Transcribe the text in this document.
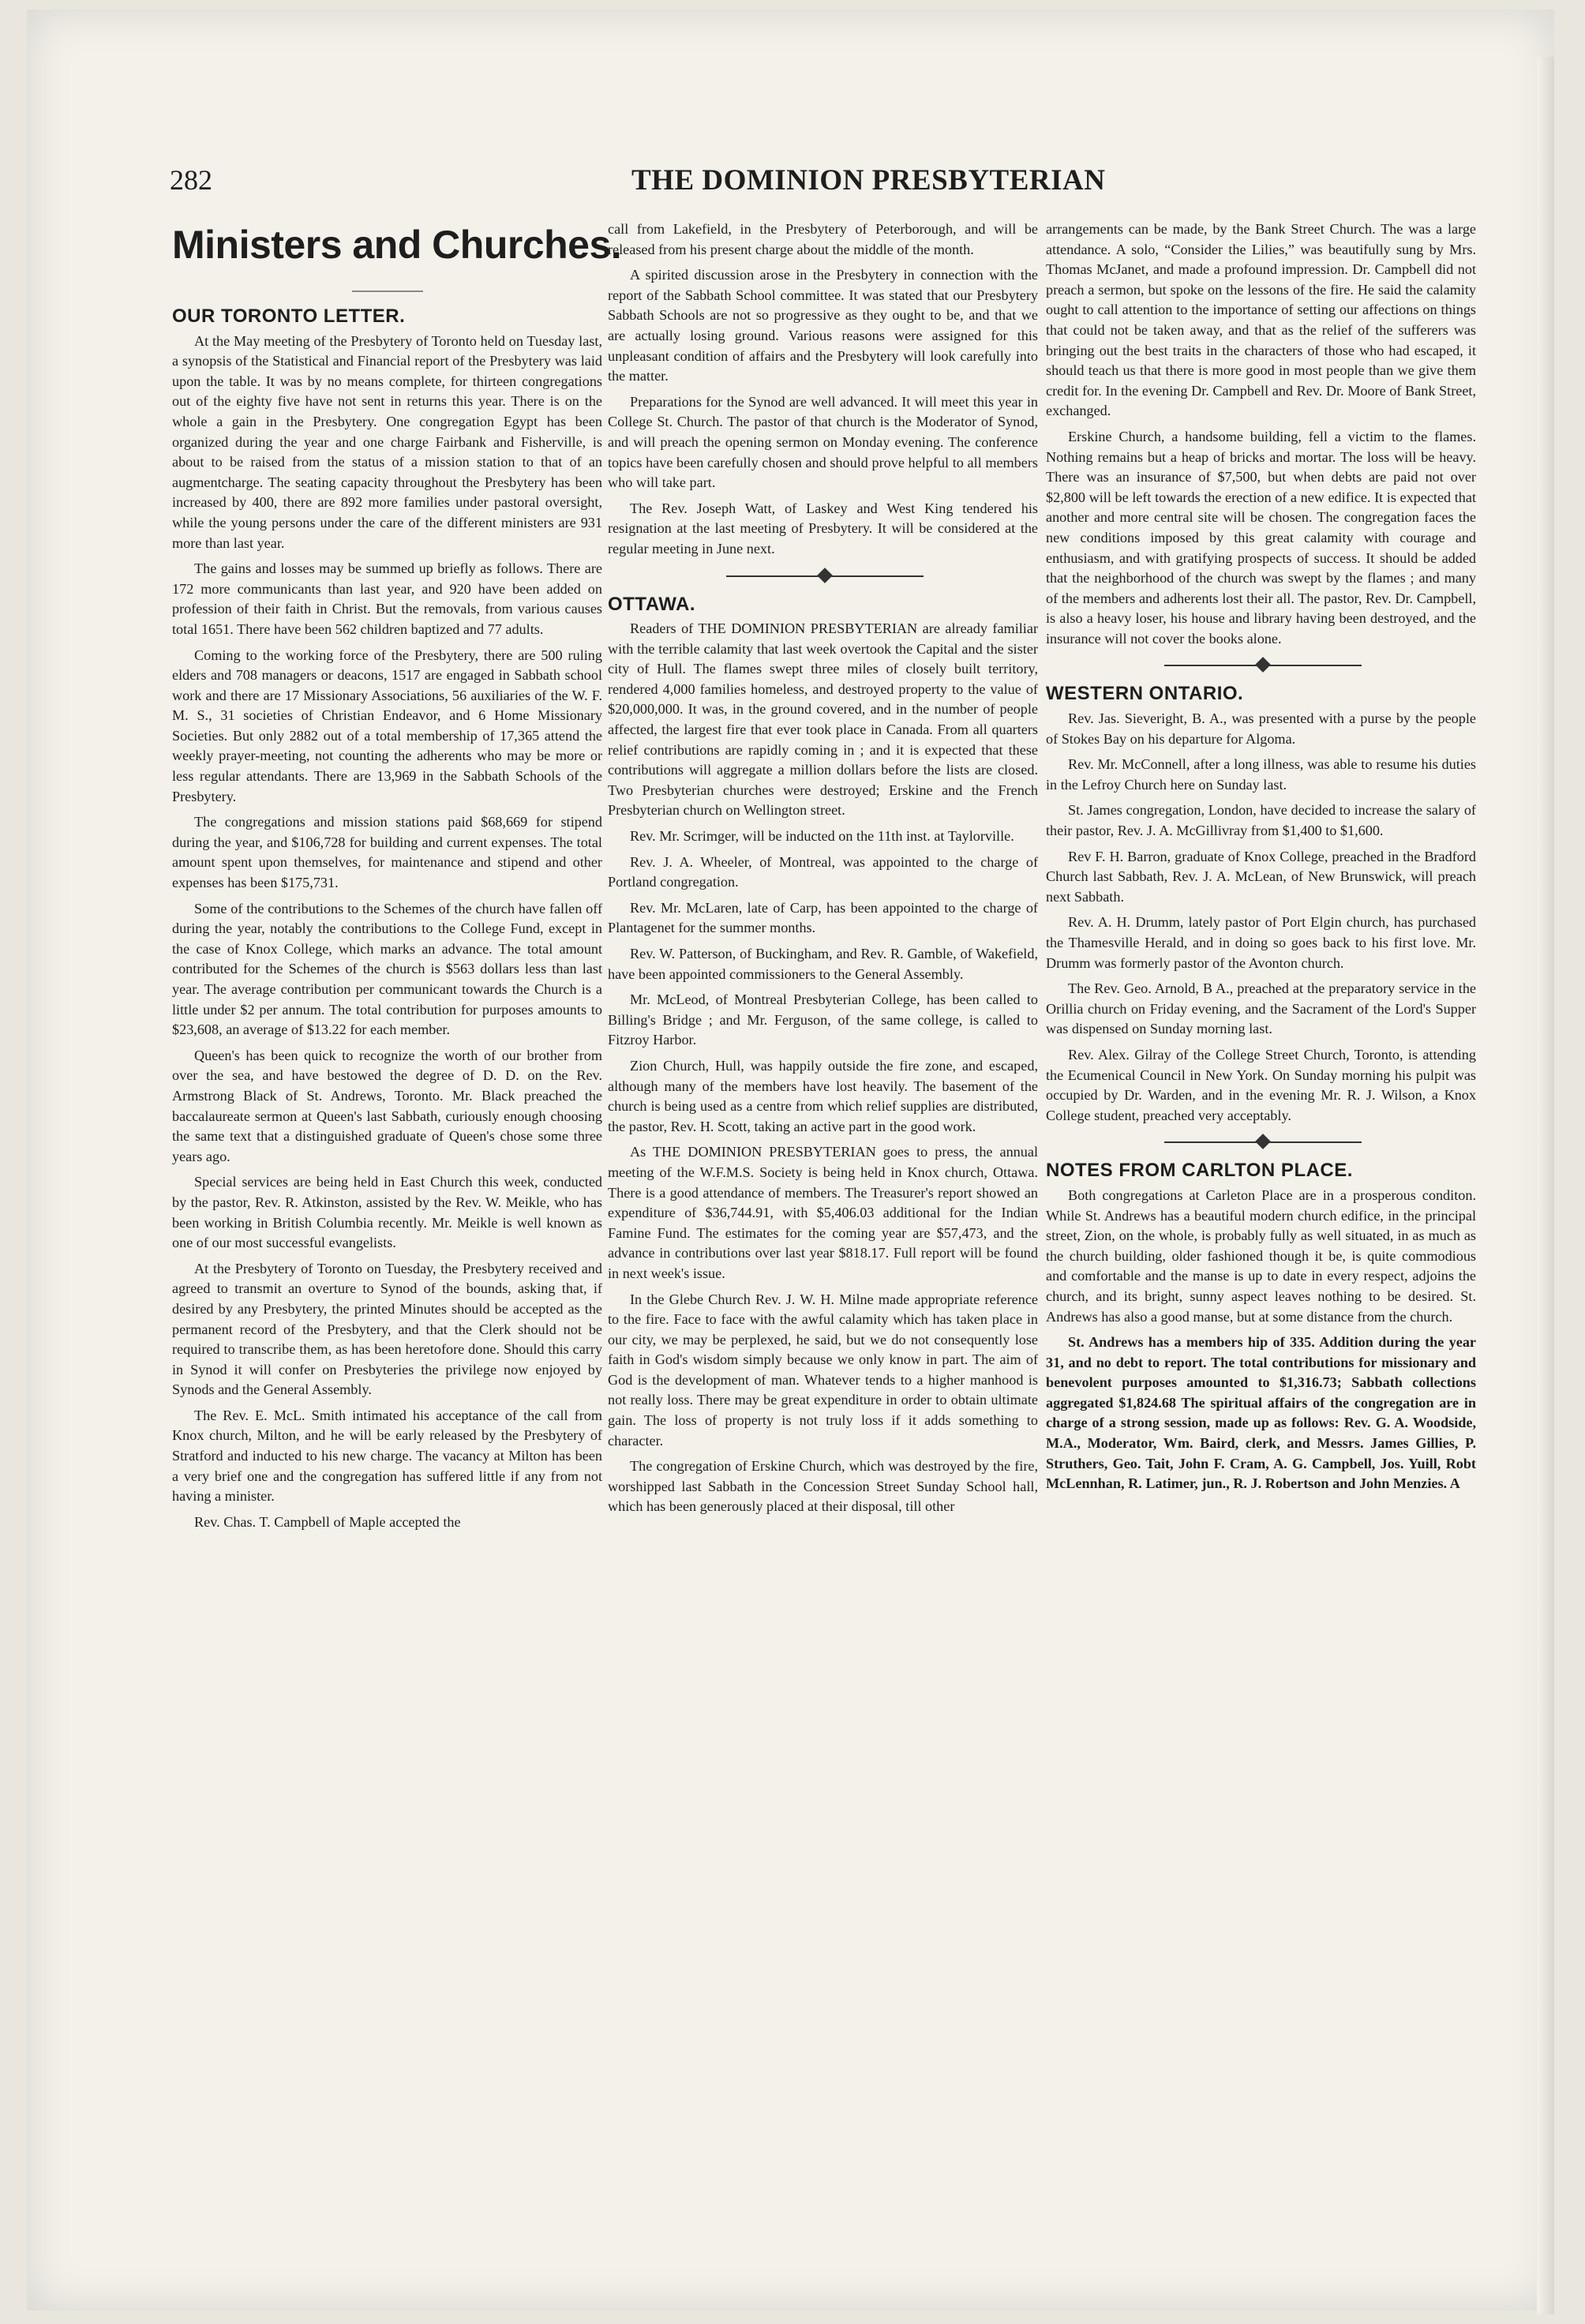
282	THE DOMINION PRESBYTERIAN
Ministers and Churches.
OUR TORONTO LETTER.

At the May meeting of the Presbytery of Toronto held on Tuesday last, a synopsis of the Statistical and Financial report of the Presbytery was laid upon the table. It was by no means complete, for thirteen congregations out of the eighty five have not sent in returns this year. There is on the whole a gain in the Presbytery. One congregation Egypt has been organized during the year and one charge Fairbank and Fisherville, is about to be raised from the status of a mission station to that of an augmentcharge. The seating capacity throughout the Presbytery has been increased by 400, there are 892 more families under pastoral oversight, while the young persons under the care of the different ministers are 931 more than last year.

The gains and losses may be summed up briefly as follows. There are 172 more communicants than last year, and 920 have been added on profession of their faith in Christ. But the removals, from various causes total 1651. There have been 562 children baptized and 77 adults.

Coming to the working force of the Presbytery, there are 500 ruling elders and 708 managers or deacons, 1517 are engaged in Sabbath school work and there are 17 Missionary Associations, 56 auxiliaries of the W. F. M. S., 31 societies of Christian Endeavor, and 6 Home Missionary Societies. But only 2882 out of a total membership of 17,365 attend the weekly prayer-meeting, not counting the adherents who may be more or less regular attendants. There are 13,969 in the Sabbath Schools of the Presbytery.

The congregations and mission stations paid $68,669 for stipend during the year, and $106,728 for building and current expenses. The total amount spent upon themselves, for maintenance and stipend and other expenses has been $175,731.

Some of the contributions to the Schemes of the church have fallen off during the year, notably the contributions to the College Fund, except in the case of Knox College, which marks an advance. The total amount contributed for the Schemes of the church is $563 dollars less than last year. The average contribution per communicant towards the Church is a little under $2 per annum. The total contribution for purposes amounts to $23,608, an average of $13.22 for each member.

Queen's has been quick to recognize the worth of our brother from over the sea, and have bestowed the degree of D. D. on the Rev. Armstrong Black of St. Andrews, Toronto. Mr. Black preached the baccalaureate sermon at Queen's last Sabbath, curiously enough choosing the same text that a distinguished graduate of Queen's chose some three years ago.

Special services are being held in East Church this week, conducted by the pastor, Rev. R. Atkinston, assisted by the Rev. W. Meikle, who has been working in British Columbia recently. Mr. Meikle is well known as one of our most successful evangelists.

At the Presbytery of Toronto on Tuesday, the Presbytery received and agreed to transmit an overture to Synod of the bounds, asking that, if desired by any Presbytery, the printed Minutes should be accepted as the permanent record of the Presbytery, and that the Clerk should not be required to transcribe them, as has been heretofore done. Should this carry in Synod it will confer on Presbyteries the privilege now enjoyed by Synods and the General Assembly.

The Rev. E. McL. Smith intimated his acceptance of the call from Knox church, Milton, and he will be early released by the Presbytery of Stratford and inducted to his new charge. The vacancy at Milton has been a very brief one and the congregation has suffered little if any from not having a minister.

Rev. Chas. T. Campbell of Maple accepted the

call from Lakefield, in the Presbytery of Peterborough, and will be released from his present charge about the middle of the month.

A spirited discussion arose in the Presbytery in connection with the report of the Sabbath School committee. It was stated that our Presbytery Sabbath Schools are not so progressive as they ought to be, and that we are actually losing ground. Various reasons were assigned for this unpleasant condition of affairs and the Presbytery will look carefully into the matter.

Preparations for the Synod are well advanced. It will meet this year in College St. Church. The pastor of that church is the Moderator of Synod, and will preach the opening sermon on Monday evening. The conference topics have been carefully chosen and should prove helpful to all members who will take part.

The Rev. Joseph Watt, of Laskey and West King tendered his resignation at the last meeting of Presbytery. It will be considered at the regular meeting in June next.

OTTAWA.

Readers of THE DOMINION PRESBYTERIAN are already familiar with the terrible calamity that last week overtook the Capital and the sister city of Hull. The flames swept three miles of closely built territory, rendered 4,000 families homeless, and destroyed property to the value of $20,000,000. It was, in the ground covered, and in the number of people affected, the largest fire that ever took place in Canada. From all quarters relief contributions are rapidly coming in ; and it is expected that these contributions will aggregate a million dollars before the lists are closed. Two Presbyterian churches were destroyed; Erskine and the French Presbyterian church on Wellington street.

Rev. Mr. Scrimger, will be inducted on the 11th inst. at Taylorville.

Rev. J. A. Wheeler, of Montreal, was appointed to the charge of Portland congregation.

Rev. Mr. McLaren, late of Carp, has been appointed to the charge of Plantagenet for the summer months.

Rev. W. Patterson, of Buckingham, and Rev. R. Gamble, of Wakefield, have been appointed commissioners to the General Assembly.

Mr. McLeod, of Montreal Presbyterian College, has been called to Billing's Bridge ; and Mr. Ferguson, of the same college, is called to Fitzroy Harbor.

Zion Church, Hull, was happily outside the fire zone, and escaped, although many of the members have lost heavily. The basement of the church is being used as a centre from which relief supplies are distributed, the pastor, Rev. H. Scott, taking an active part in the good work.

As THE DOMINION PRESBYTERIAN goes to press, the annual meeting of the W.F.M.S. Society is being held in Knox church, Ottawa. There is a good attendance of members. The Treasurer's report showed an expenditure of $36,744.91, with $5,406.03 additional for the Indian Famine Fund. The estimates for the coming year are $57,473, and the advance in contributions over last year $818.17. Full report will be found in next week's issue.

In the Glebe Church Rev. J. W. H. Milne made appropriate reference to the fire. Face to face with the awful calamity which has taken place in our city, we may be perplexed, he said, but we do not consequently lose faith in God's wisdom simply because we only know in part. The aim of God is the development of man. Whatever tends to a higher manhood is not really loss. There may be great expenditure in order to obtain ultimate gain. The loss of property is not truly loss if it adds something to character.

The congregation of Erskine Church, which was destroyed by the fire, worshipped last Sabbath in the Concession Street Sunday School hall, which has been generously placed at their disposal, till other

arrangements can be made, by the Bank Street Church. The was a large attendance. A solo, “Consider the Lilies,” was beautifully sung by Mrs. Thomas McJanet, and made a profound impression. Dr. Campbell did not preach a sermon, but spoke on the lessons of the fire. He said the calamity ought to call attention to the importance of setting our affections on things that could not be taken away, and that as the relief of the sufferers was bringing out the best traits in the characters of those who had escaped, it should teach us that there is more good in most people than we give them credit for. In the evening Dr. Campbell and Rev. Dr. Moore of Bank Street, exchanged.

Erskine Church, a handsome building, fell a victim to the flames. Nothing remains but a heap of bricks and mortar. The loss will be heavy. There was an insurance of $7,500, but when debts are paid not over $2,800 will be left towards the erection of a new edifice. It is expected that another and more central site will be chosen. The congregation faces the new conditions imposed by this great calamity with courage and enthusiasm, and with gratifying prospects of success. It should be added that the neighborhood of the church was swept by the flames ; and many of the members and adherents lost their all. The pastor, Rev. Dr. Campbell, is also a heavy loser, his house and library having been destroyed, and the insurance will not cover the books alone.

WESTERN ONTARIO.

Rev. Jas. Sieveright, B. A., was presented with a purse by the people of Stokes Bay on his departure for Algoma.

Rev. Mr. McConnell, after a long illness, was able to resume his duties in the Lefroy Church here on Sunday last.

St. James congregation, London, have decided to increase the salary of their pastor, Rev. J. A. McGillivray from $1,400 to $1,600.

Rev F. H. Barron, graduate of Knox College, preached in the Bradford Church last Sabbath, Rev. J. A. McLean, of New Brunswick, will preach next Sabbath.

Rev. A. H. Drumm, lately pastor of Port Elgin church, has purchased the Thamesville Herald, and in doing so goes back to his first love. Mr. Drumm was formerly pastor of the Avonton church.

The Rev. Geo. Arnold, B A., preached at the preparatory service in the Orillia church on Friday evening, and the Sacrament of the Lord's Supper was dispensed on Sunday morning last.

Rev. Alex. Gilray of the College Street Church, Toronto, is attending the Ecumenical Council in New York. On Sunday morning his pulpit was occupied by Dr. Warden, and in the evening Mr. R. J. Wilson, a Knox College student, preached very acceptably.

NOTES FROM CARLTON PLACE.

Both congregations at Carleton Place are in a prosperous conditon. While St. Andrews has a beautiful modern church edifice, in the principal street, Zion, on the whole, is probably fully as well situated, in as much as the church building, older fashioned though it be, is quite commodious and comfortable and the manse is up to date in every respect, adjoins the church, and its bright, sunny aspect leaves nothing to be desired. St. Andrews has also a good manse, but at some distance from the church.

St. Andrews has a members hip of 335. Addition during the year 31, and no debt to report. The total contributions for missionary and benevolent purposes amounted to $1,316.73; Sabbath collections aggregated $1,824.68 The spiritual affairs of the congregation are in charge of a strong session, made up as follows: Rev. G. A. Woodside, M.A., Moderator, Wm. Baird, clerk, and Messrs. James Gillies, P. Struthers, Geo. Tait, John F. Cram, A. G. Campbell, Jos. Yuill, Robt McLennhan, R. Latimer, jun., R. J. Robertson and John Menzies. A
